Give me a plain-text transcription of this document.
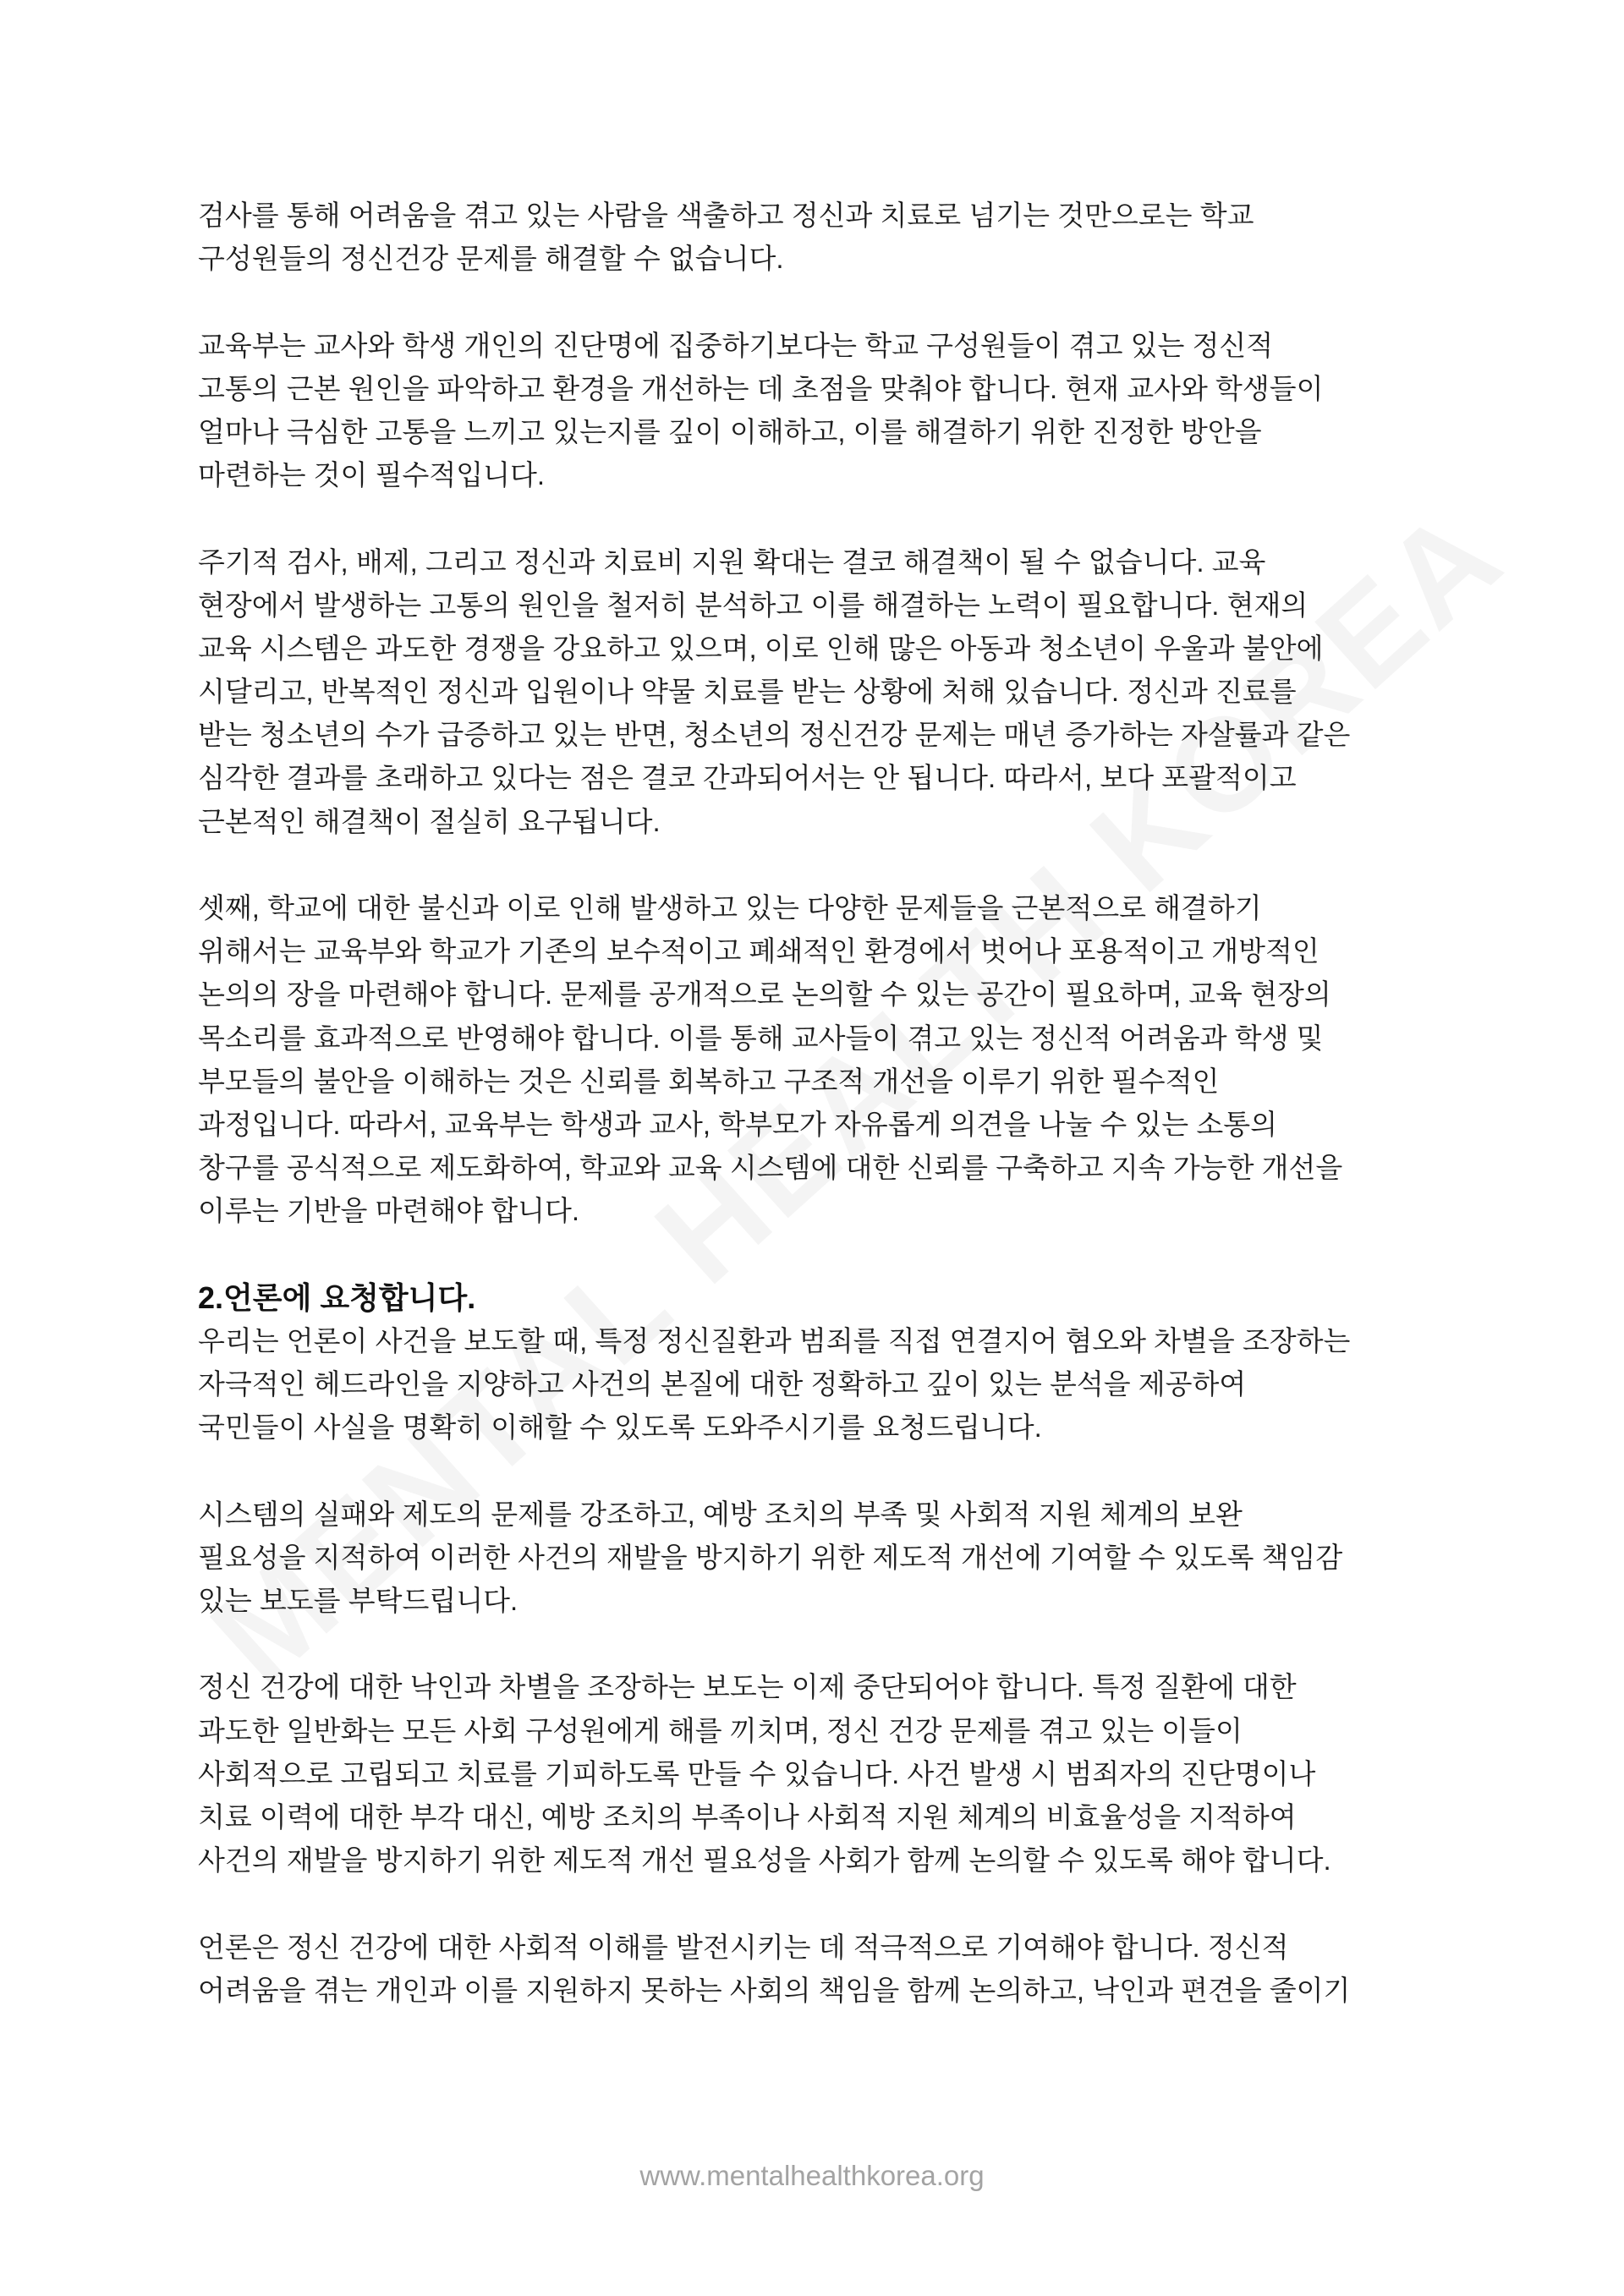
검사를 통해 어려움을 겪고 있는 사람을 색출하고 정신과 치료로 넘기는 것만으로는 학교
구성원들의 정신건강 문제를 해결할 수 없습니다.
교육부는 교사와 학생 개인의 진단명에 집중하기보다는 학교 구성원들이 겪고 있는 정신적
고통의 근본 원인을 파악하고 환경을 개선하는 데 초점을 맞춰야 합니다. 현재 교사와 학생들이
얼마나 극심한 고통을 느끼고 있는지를 깊이 이해하고, 이를 해결하기 위한 진정한 방안을
마련하는 것이 필수적입니다.
주기적 검사, 배제, 그리고 정신과 치료비 지원 확대는 결코 해결책이 될 수 없습니다. 교육
현장에서 발생하는 고통의 원인을 철저히 분석하고 이를 해결하는 노력이 필요합니다. 현재의
교육 시스템은 과도한 경쟁을 강요하고 있으며, 이로 인해 많은 아동과 청소년이 우울과 불안에
시달리고, 반복적인 정신과 입원이나 약물 치료를 받는 상황에 처해 있습니다. 정신과 진료를
받는 청소년의 수가 급증하고 있는 반면, 청소년의 정신건강 문제는 매년 증가하는 자살률과 같은
심각한 결과를 초래하고 있다는 점은 결코 간과되어서는 안 됩니다. 따라서, 보다 포괄적이고
근본적인 해결책이 절실히 요구됩니다.
셋째, 학교에 대한 불신과 이로 인해 발생하고 있는 다양한 문제들을 근본적으로 해결하기
위해서는 교육부와 학교가 기존의 보수적이고 폐쇄적인 환경에서 벗어나 포용적이고 개방적인
논의의 장을 마련해야 합니다. 문제를 공개적으로 논의할 수 있는 공간이 필요하며, 교육 현장의
목소리를 효과적으로 반영해야 합니다. 이를 통해 교사들이 겪고 있는 정신적 어려움과 학생 및
부모들의 불안을 이해하는 것은 신뢰를 회복하고 구조적 개선을 이루기 위한 필수적인
과정입니다. 따라서, 교육부는 학생과 교사, 학부모가 자유롭게 의견을 나눌 수 있는 소통의
창구를 공식적으로 제도화하여, 학교와 교육 시스템에 대한 신뢰를 구축하고 지속 가능한 개선을
이루는 기반을 마련해야 합니다.
2.언론에 요청합니다.
우리는 언론이 사건을 보도할 때, 특정 정신질환과 범죄를 직접 연결지어 혐오와 차별을 조장하는
자극적인 헤드라인을 지양하고 사건의 본질에 대한 정확하고 깊이 있는 분석을 제공하여
국민들이 사실을 명확히 이해할 수 있도록 도와주시기를 요청드립니다.
시스템의 실패와 제도의 문제를 강조하고, 예방 조치의 부족 및 사회적 지원 체계의 보완
필요성을 지적하여 이러한 사건의 재발을 방지하기 위한 제도적 개선에 기여할 수 있도록 책임감
있는 보도를 부탁드립니다.
정신 건강에 대한 낙인과 차별을 조장하는 보도는 이제 중단되어야 합니다. 특정 질환에 대한
과도한 일반화는 모든 사회 구성원에게 해를 끼치며, 정신 건강 문제를 겪고 있는 이들이
사회적으로 고립되고 치료를 기피하도록 만들 수 있습니다. 사건 발생 시 범죄자의 진단명이나
치료 이력에 대한 부각 대신, 예방 조치의 부족이나 사회적 지원 체계의 비효율성을 지적하여
사건의 재발을 방지하기 위한 제도적 개선 필요성을 사회가 함께 논의할 수 있도록 해야 합니다.
언론은 정신 건강에 대한 사회적 이해를 발전시키는 데 적극적으로 기여해야 합니다. 정신적
어려움을 겪는 개인과 이를 지원하지 못하는 사회의 책임을 함께 논의하고, 낙인과 편견을 줄이기
www.mentalhealthkorea.org
